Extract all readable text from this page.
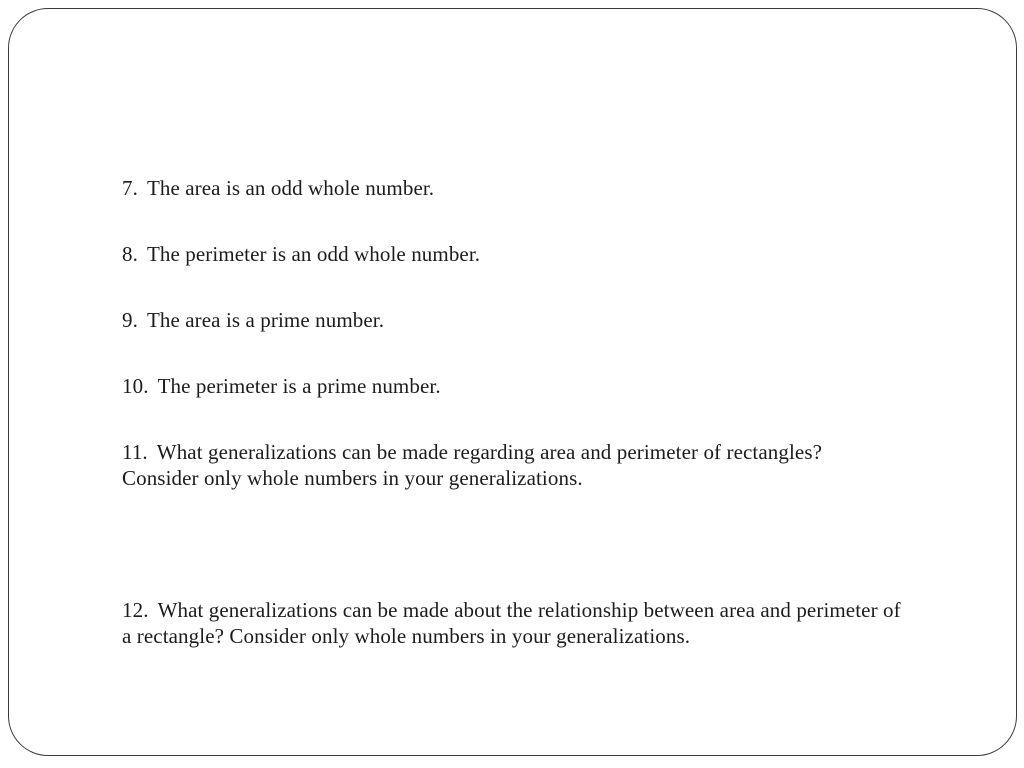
7. The area is an odd whole number.
8. The perimeter is an odd whole number.
9. The area is a prime number.
10. The perimeter is a prime number.
11. What generalizations can be made regarding area and perimeter of rectangles?
Consider only whole numbers in your generalizations.
12. What generalizations can be made about the relationship between area and perimeter of
a rectangle? Consider only whole numbers in your generalizations.
